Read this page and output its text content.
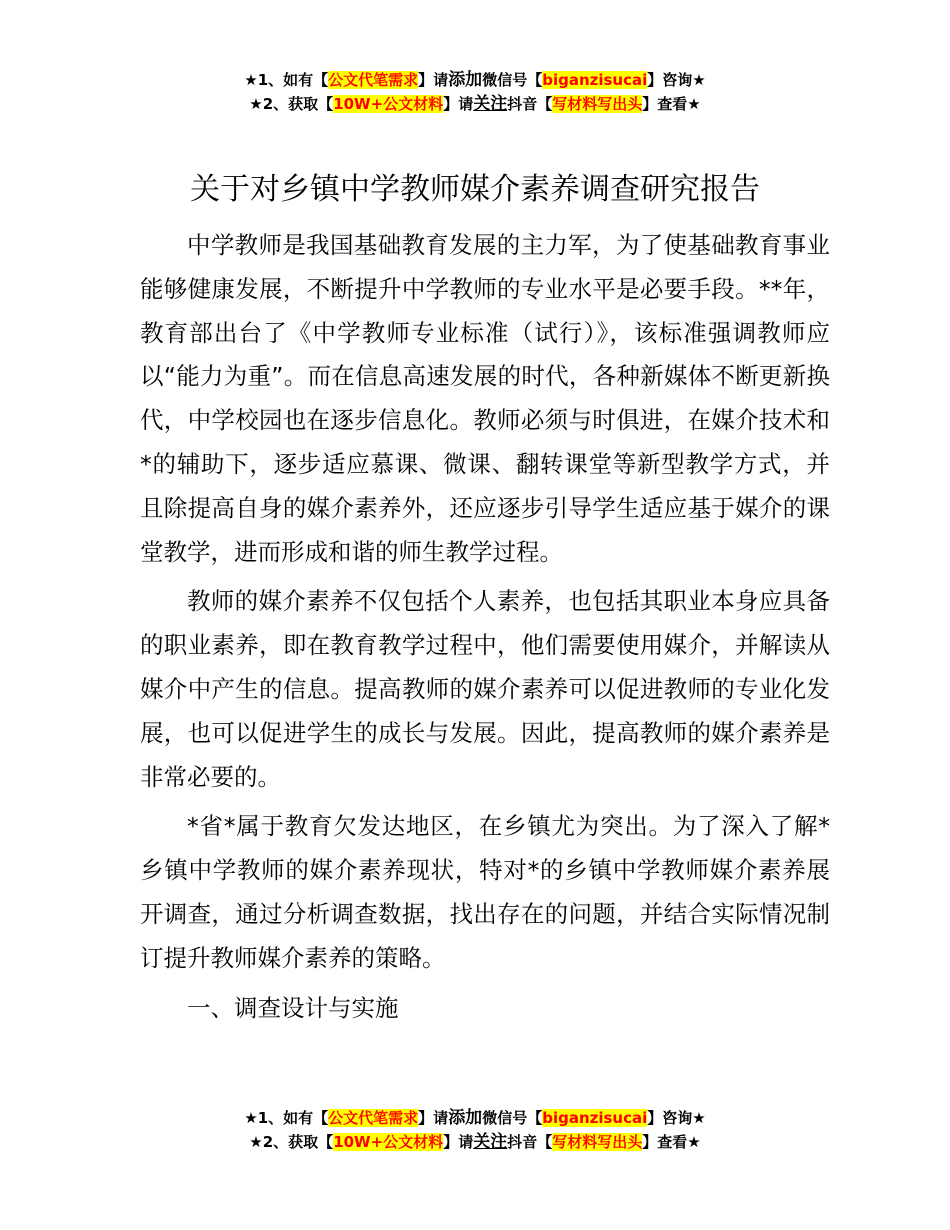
★1、如有【公文代笔需求】请添加微信号【biganzisucai】咨询★
★2、获取【10W+公文材料】请关注抖音【写材料写出头】查看★
关于对乡镇中学教师媒介素养调查研究报告

中学教师是我国基础教育发展的主力军，为了使基础教育事业能够健康发展，不断提升中学教师的专业水平是必要手段。**年，教育部出台了《中学教师专业标准（试行）》，该标准强调教师应以“能力为重”。而在信息高速发展的时代，各种新媒体不断更新换代，中学校园也在逐步信息化。教师必须与时俱进，在媒介技术和*的辅助下，逐步适应慕课、微课、翻转课堂等新型教学方式，并且除提高自身的媒介素养外，还应逐步引导学生适应基于媒介的课堂教学，进而形成和谐的师生教学过程。

教师的媒介素养不仅包括个人素养，也包括其职业本身应具备的职业素养，即在教育教学过程中，他们需要使用媒介，并解读从媒介中产生的信息。提高教师的媒介素养可以促进教师的专业化发展，也可以促进学生的成长与发展。因此，提高教师的媒介素养是非常必要的。

*省*属于教育欠发达地区，在乡镇尤为突出。为了深入了解*乡镇中学教师的媒介素养现状，特对*的乡镇中学教师媒介素养展开调查，通过分析调查数据，找出存在的问题，并结合实际情况制订提升教师媒介素养的策略。

一、调查设计与实施

★1、如有【公文代笔需求】请添加微信号【biganzisucai】咨询★
★2、获取【10W+公文材料】请关注抖音【写材料写出头】查看★
